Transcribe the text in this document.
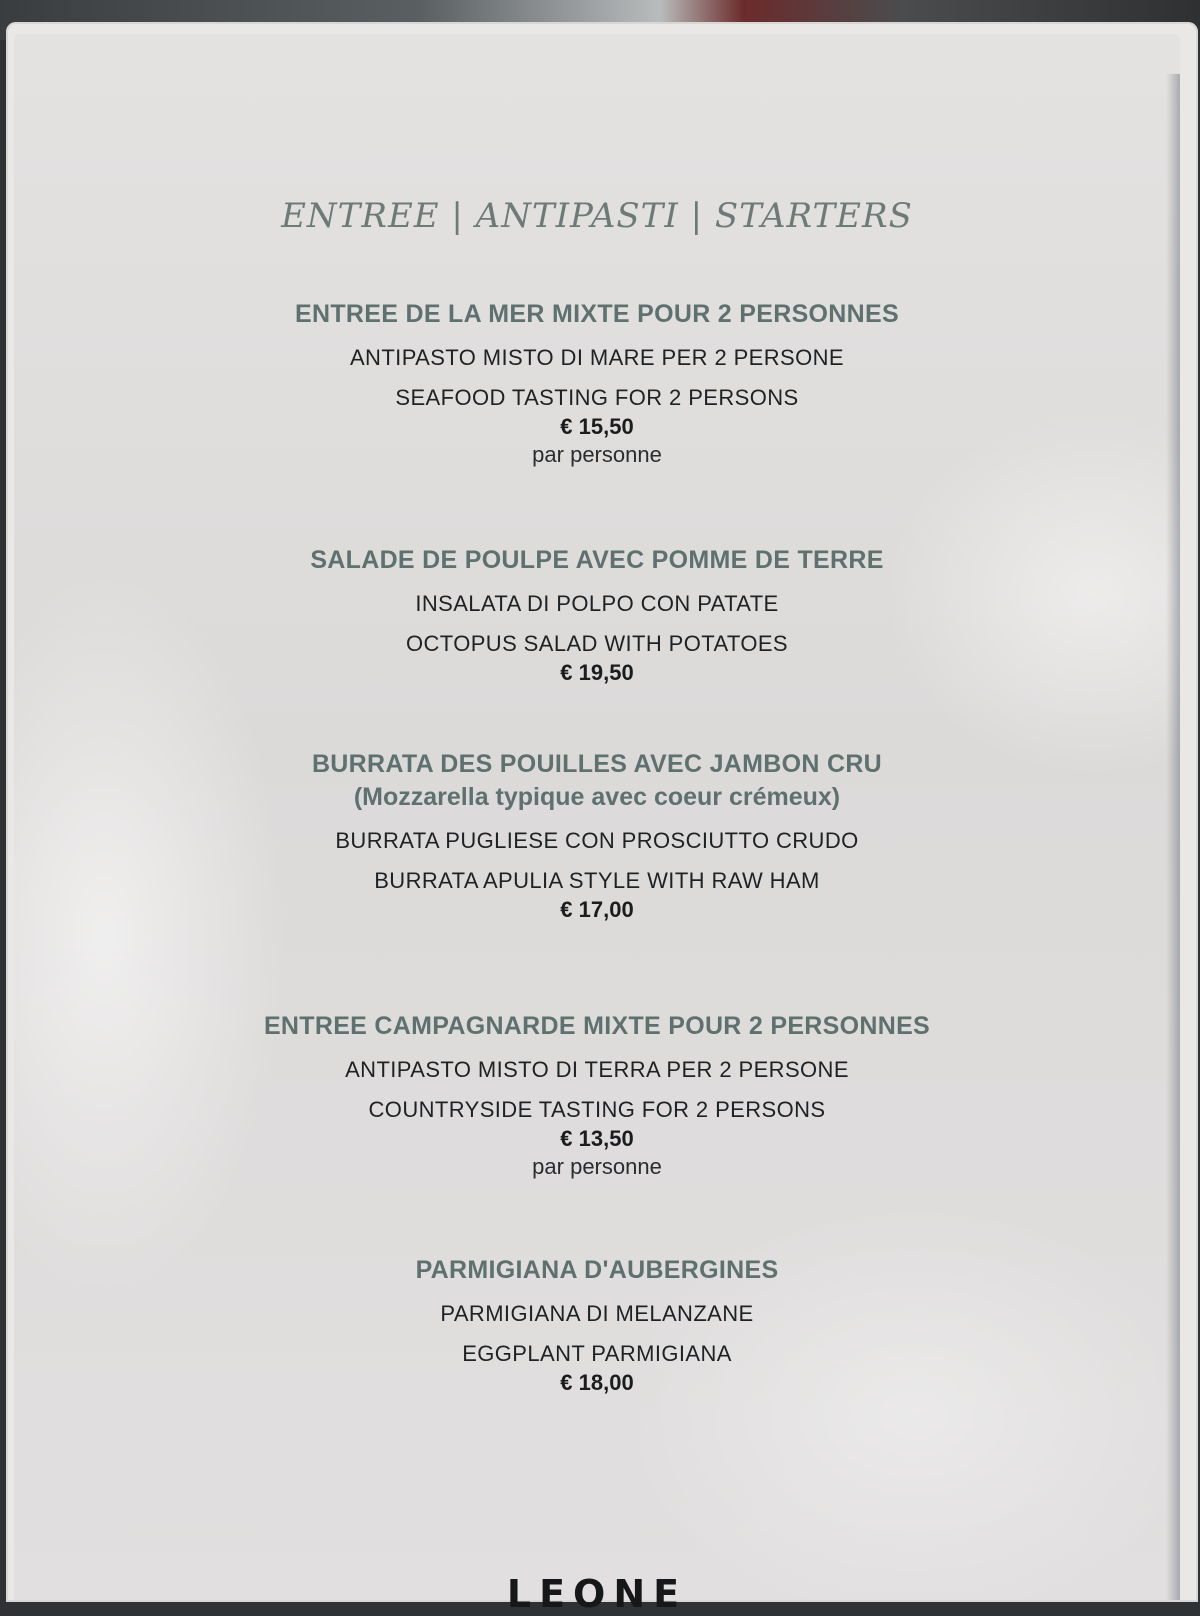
ENTREE | ANTIPASTI | STARTERS
ENTREE DE LA MER MIXTE POUR 2 PERSONNES
ANTIPASTO MISTO DI MARE PER 2 PERSONE
SEAFOOD TASTING FOR 2 PERSONS
€ 15,50
par personne
SALADE DE POULPE AVEC POMME DE TERRE
INSALATA DI POLPO CON PATATE
OCTOPUS SALAD WITH POTATOES
€ 19,50
BURRATA DES POUILLES AVEC JAMBON CRU
(Mozzarella typique avec coeur crémeux)
BURRATA PUGLIESE CON PROSCIUTTO CRUDO
BURRATA APULIA STYLE WITH RAW HAM
€ 17,00
ENTREE CAMPAGNARDE MIXTE POUR 2 PERSONNES
ANTIPASTO MISTO DI TERRA PER 2 PERSONE
COUNTRYSIDE TASTING FOR 2 PERSONS
€ 13,50
par personne
PARMIGIANA D'AUBERGINES
PARMIGIANA DI MELANZANE
EGGPLANT PARMIGIANA
€ 18,00
LEONE
